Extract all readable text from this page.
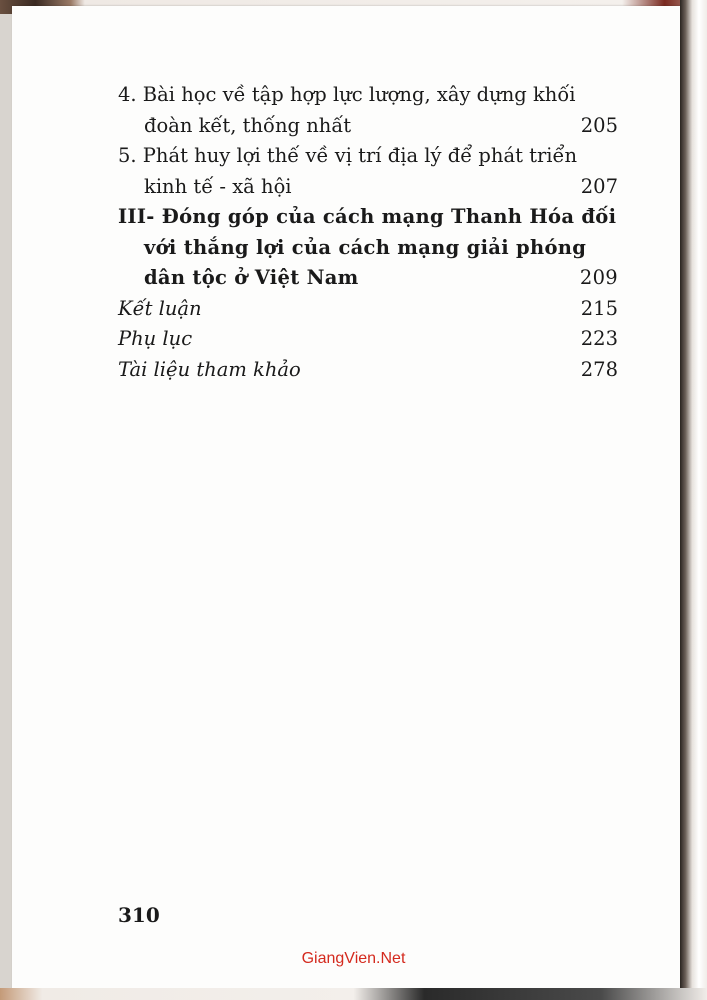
4. Bài học về tập hợp lực lượng, xây dựng khối
đoàn kết, thống nhất	205
5. Phát huy lợi thế về vị trí địa lý để phát triển
kinh tế - xã hội	207
III- Đóng góp của cách mạng Thanh Hóa đối
với thắng lợi của cách mạng giải phóng
dân tộc ở Việt Nam	209
Kết luận	215
Phụ lục	223
Tài liệu tham khảo	278
310
GiangVien.Net
